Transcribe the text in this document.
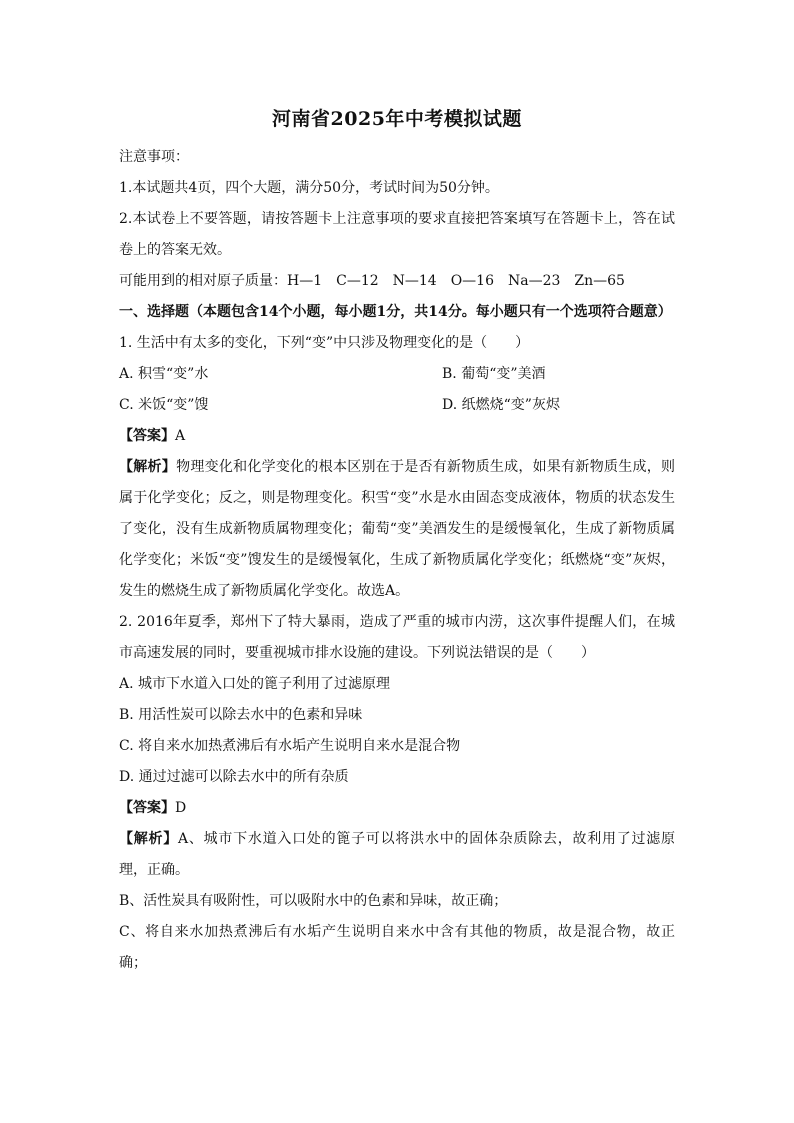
河南省2025年中考模拟试题
注意事项：
1.本试题共4页，四个大题，满分50分，考试时间为50分钟。
2.本试卷上不要答题，请按答题卡上注意事项的要求直接把答案填写在答题卡上，答在试卷上的答案无效。
可能用到的相对原子质量：H—1　C—12　N—14　O—16　Na—23　Zn—65
一、选择题（本题包含14个小题，每小题1分，共14分。每小题只有一个选项符合题意）
1. 生活中有太多的变化，下列“变”中只涉及物理变化的是（　　）
A. 积雪“变”水	B. 葡萄“变”美酒
C. 米饭“变”馊	D. 纸燃烧“变”灰烬
【答案】A
【解析】物理变化和化学变化的根本区别在于是否有新物质生成，如果有新物质生成，则属于化学变化；反之，则是物理变化。积雪“变”水是水由固态变成液体，物质的状态发生了变化，没有生成新物质属物理变化；葡萄“变”美酒发生的是缓慢氧化，生成了新物质属化学变化；米饭“变”馊发生的是缓慢氧化，生成了新物质属化学变化；纸燃烧“变”灰烬，发生的燃烧生成了新物质属化学变化。故选A。
2. 2016年夏季，郑州下了特大暴雨，造成了严重的城市内涝，这次事件提醒人们，在城市高速发展的同时，要重视城市排水设施的建设。下列说法错误的是（　　）
A. 城市下水道入口处的篦子利用了过滤原理
B. 用活性炭可以除去水中的色素和异味
C. 将自来水加热煮沸后有水垢产生说明自来水是混合物
D. 通过过滤可以除去水中的所有杂质
【答案】D
【解析】A、城市下水道入口处的篦子可以将洪水中的固体杂质除去，故利用了过滤原理，正确。
B、活性炭具有吸附性，可以吸附水中的色素和异味，故正确；
C、将自来水加热煮沸后有水垢产生说明自来水中含有其他的物质，故是混合物，故正确；
